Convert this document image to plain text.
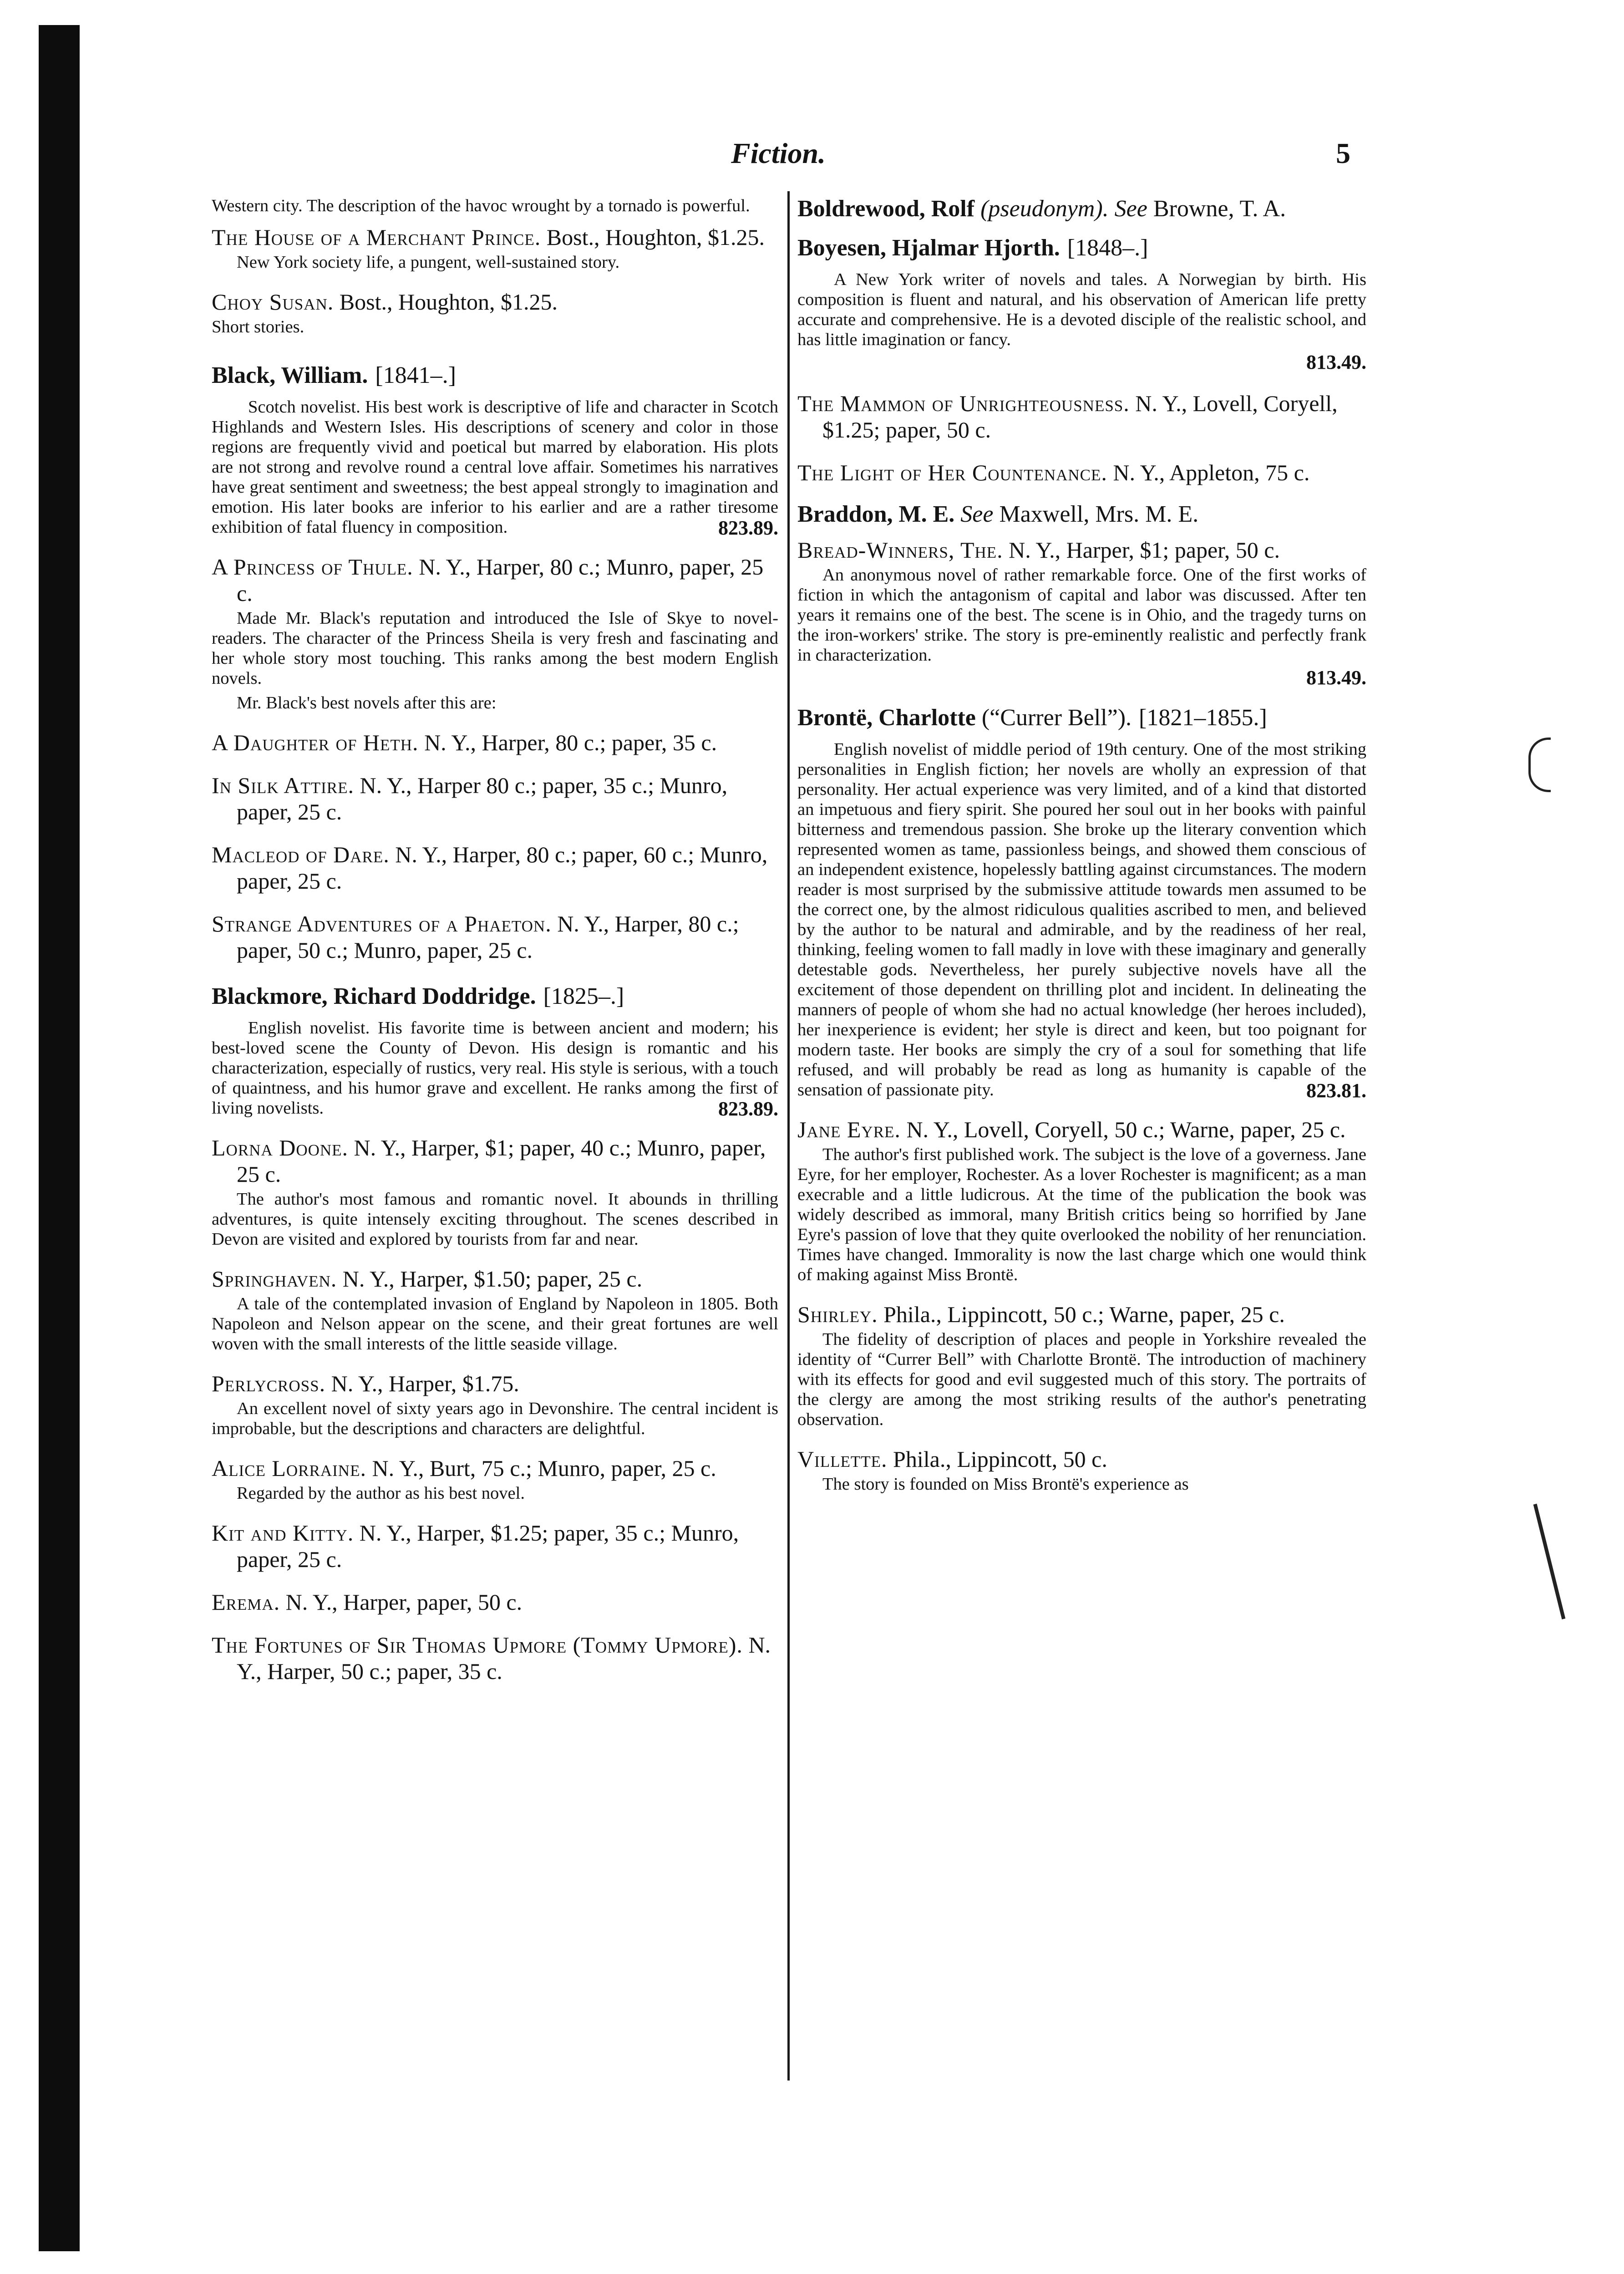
Fiction.	5

Western city. The description of the havoc wrought by a tornado is powerful.

The House of a Merchant Prince. Bost., Houghton, $1.25.

New York society life, a pungent, well-sustained story.

Choy Susan. Bost., Houghton, $1.25.

Short stories.

Black, William. [1841–.]

Scotch novelist. His best work is descriptive of life and character in Scotch Highlands and Western Isles. His descriptions of scenery and color in those regions are frequently vivid and poetical but marred by elaboration. His plots are not strong and revolve round a central love affair. Sometimes his narratives have great sentiment and sweetness; the best appeal strongly to imagination and emotion. His later books are inferior to his earlier and are a rather tiresome exhibition of fatal fluency in composition.	823.89.

A Princess of Thule. N. Y., Harper, 80 c.; Munro, paper, 25 c.

Made Mr. Black's reputation and introduced the Isle of Skye to novel-readers. The character of the Princess Sheila is very fresh and fascinating and her whole story most touching. This ranks among the best modern English novels.

Mr. Black's best novels after this are:

A Daughter of Heth. N. Y., Harper, 80 c.; paper, 35 c.
In Silk Attire. N. Y., Harper 80 c.; paper, 35 c.; Munro, paper, 25 c.
Macleod of Dare. N. Y., Harper, 80 c.; paper, 60 c.; Munro, paper, 25 c.
Strange Adventures of a Phaeton. N. Y., Harper, 80 c.; paper, 50 c.; Munro, paper, 25 c.
Blackmore, Richard Doddridge. [1825–.]

English novelist. His favorite time is between ancient and modern; his best-loved scene the County of Devon. His design is romantic and his characterization, especially of rustics, very real. His style is serious, with a touch of quaintness, and his humor grave and excellent. He ranks among the first of living novelists.	823.89.

Lorna Doone. N. Y., Harper, $1; paper, 40 c.; Munro, paper, 25 c.

The author's most famous and romantic novel. It abounds in thrilling adventures, is quite intensely exciting throughout. The scenes described in Devon are visited and explored by tourists from far and near.

Springhaven. N. Y., Harper, $1.50; paper, 25 c.

A tale of the contemplated invasion of England by Napoleon in 1805. Both Napoleon and Nelson appear on the scene, and their great fortunes are well woven with the small interests of the little seaside village.

Perlycross. N. Y., Harper, $1.75.

An excellent novel of sixty years ago in Devonshire. The central incident is improbable, but the descriptions and characters are delightful.

Alice Lorraine. N. Y., Burt, 75 c.; Munro, paper, 25 c.

Regarded by the author as his best novel.

Kit and Kitty. N. Y., Harper, $1.25; paper, 35 c.; Munro, paper, 25 c.
Erema. N. Y., Harper, paper, 50 c.
The Fortunes of Sir Thomas Upmore (Tommy Upmore). N. Y., Harper, 50 c.; paper, 35 c.
Boldrewood, Rolf (pseudonym). See Browne, T. A.
Boyesen, Hjalmar Hjorth. [1848–.]

A New York writer of novels and tales. A Norwegian by birth. His composition is fluent and natural, and his observation of American life pretty accurate and comprehensive. He is a devoted disciple of the realistic school, and has little imagination or fancy.

813.49.
The Mammon of Unrighteousness. N. Y., Lovell, Coryell, $1.25; paper, 50 c.
The Light of Her Countenance. N. Y., Appleton, 75 c.
Braddon, M. E. See Maxwell, Mrs. M. E.
Bread-Winners, The. N. Y., Harper, $1; paper, 50 c.

An anonymous novel of rather remarkable force. One of the first works of fiction in which the antagonism of capital and labor was discussed. After ten years it remains one of the best. The scene is in Ohio, and the tragedy turns on the iron-workers' strike. The story is pre-eminently realistic and perfectly frank in characterization.

813.49.
Brontë, Charlotte (“Currer Bell”). [1821–1855.]

English novelist of middle period of 19th century. One of the most striking personalities in English fiction; her novels are wholly an expression of that personality. Her actual experience was very limited, and of a kind that distorted an impetuous and fiery spirit. She poured her soul out in her books with painful bitterness and tremendous passion. She broke up the literary convention which represented women as tame, passionless beings, and showed them conscious of an independent existence, hopelessly battling against circumstances. The modern reader is most surprised by the submissive attitude towards men assumed to be the correct one, by the almost ridiculous qualities ascribed to men, and believed by the author to be natural and admirable, and by the readiness of her real, thinking, feeling women to fall madly in love with these imaginary and generally detestable gods. Nevertheless, her purely subjective novels have all the excitement of those dependent on thrilling plot and incident. In delineating the manners of people of whom she had no actual knowledge (her heroes included), her inexperience is evident; her style is direct and keen, but too poignant for modern taste. Her books are simply the cry of a soul for something that life refused, and will probably be read as long as humanity is capable of the sensation of passionate pity.	823.81.

Jane Eyre. N. Y., Lovell, Coryell, 50 c.; Warne, paper, 25 c.

The author's first published work. The subject is the love of a governess. Jane Eyre, for her employer, Rochester. As a lover Rochester is magnificent; as a man execrable and a little ludicrous. At the time of the publication the book was widely described as immoral, many British critics being so horrified by Jane Eyre's passion of love that they quite overlooked the nobility of her renunciation. Times have changed. Immorality is now the last charge which one would think of making against Miss Brontë.

Shirley. Phila., Lippincott, 50 c.; Warne, paper, 25 c.

The fidelity of description of places and people in Yorkshire revealed the identity of “Currer Bell” with Charlotte Brontë. The introduction of machinery with its effects for good and evil suggested much of this story. The portraits of the clergy are among the most striking results of the author's penetrating observation.

Villette. Phila., Lippincott, 50 c.

The story is founded on Miss Brontë's experience as
